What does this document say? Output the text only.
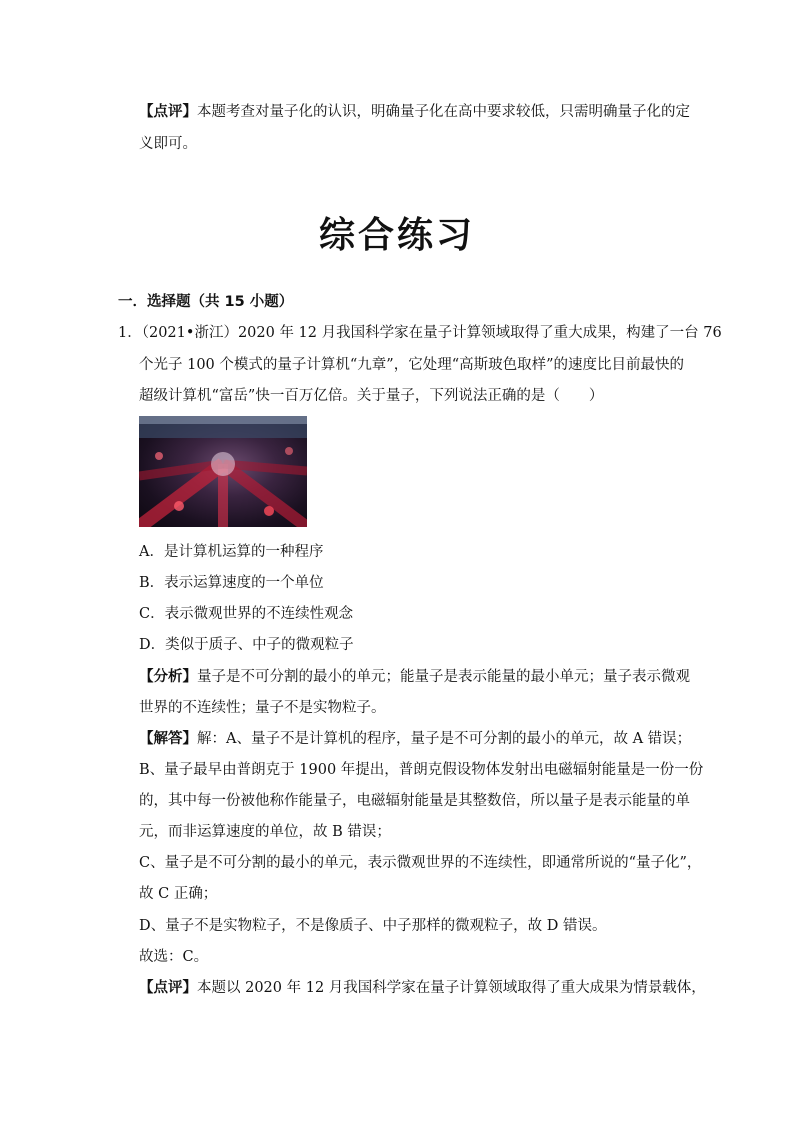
【点评】本题考查对量子化的认识，明确量子化在高中要求较低，只需明确量子化的定
义即可。
综合练习
一．选择题（共 15 小题）
1．（2021•浙江）2020 年 12 月我国科学家在量子计算领域取得了重大成果，构建了一台 76
个光子 100 个模式的量子计算机“九章”，它处理“高斯玻色取样”的速度比目前最快的
超级计算机“富岳”快一百万亿倍。关于量子，下列说法正确的是（　　）
A．是计算机运算的一种程序
B．表示运算速度的一个单位
C．表示微观世界的不连续性观念
D．类似于质子、中子的微观粒子
【分析】量子是不可分割的最小的单元；能量子是表示能量的最小单元；量子表示微观
世界的不连续性；量子不是实物粒子。
【解答】解：A、量子不是计算机的程序，量子是不可分割的最小的单元，故 A 错误；
B、量子最早由普朗克于 1900 年提出，普朗克假设物体发射出电磁辐射能量是一份一份
的，其中每一份被他称作能量子，电磁辐射能量是其整数倍，所以量子是表示能量的单
元，而非运算速度的单位，故 B 错误；
C、量子是不可分割的最小的单元，表示微观世界的不连续性，即通常所说的“量子化”，
故 C 正确；
D、量子不是实物粒子，不是像质子、中子那样的微观粒子，故 D 错误。
故选：C。
【点评】本题以 2020 年 12 月我国科学家在量子计算领域取得了重大成果为情景载体，
